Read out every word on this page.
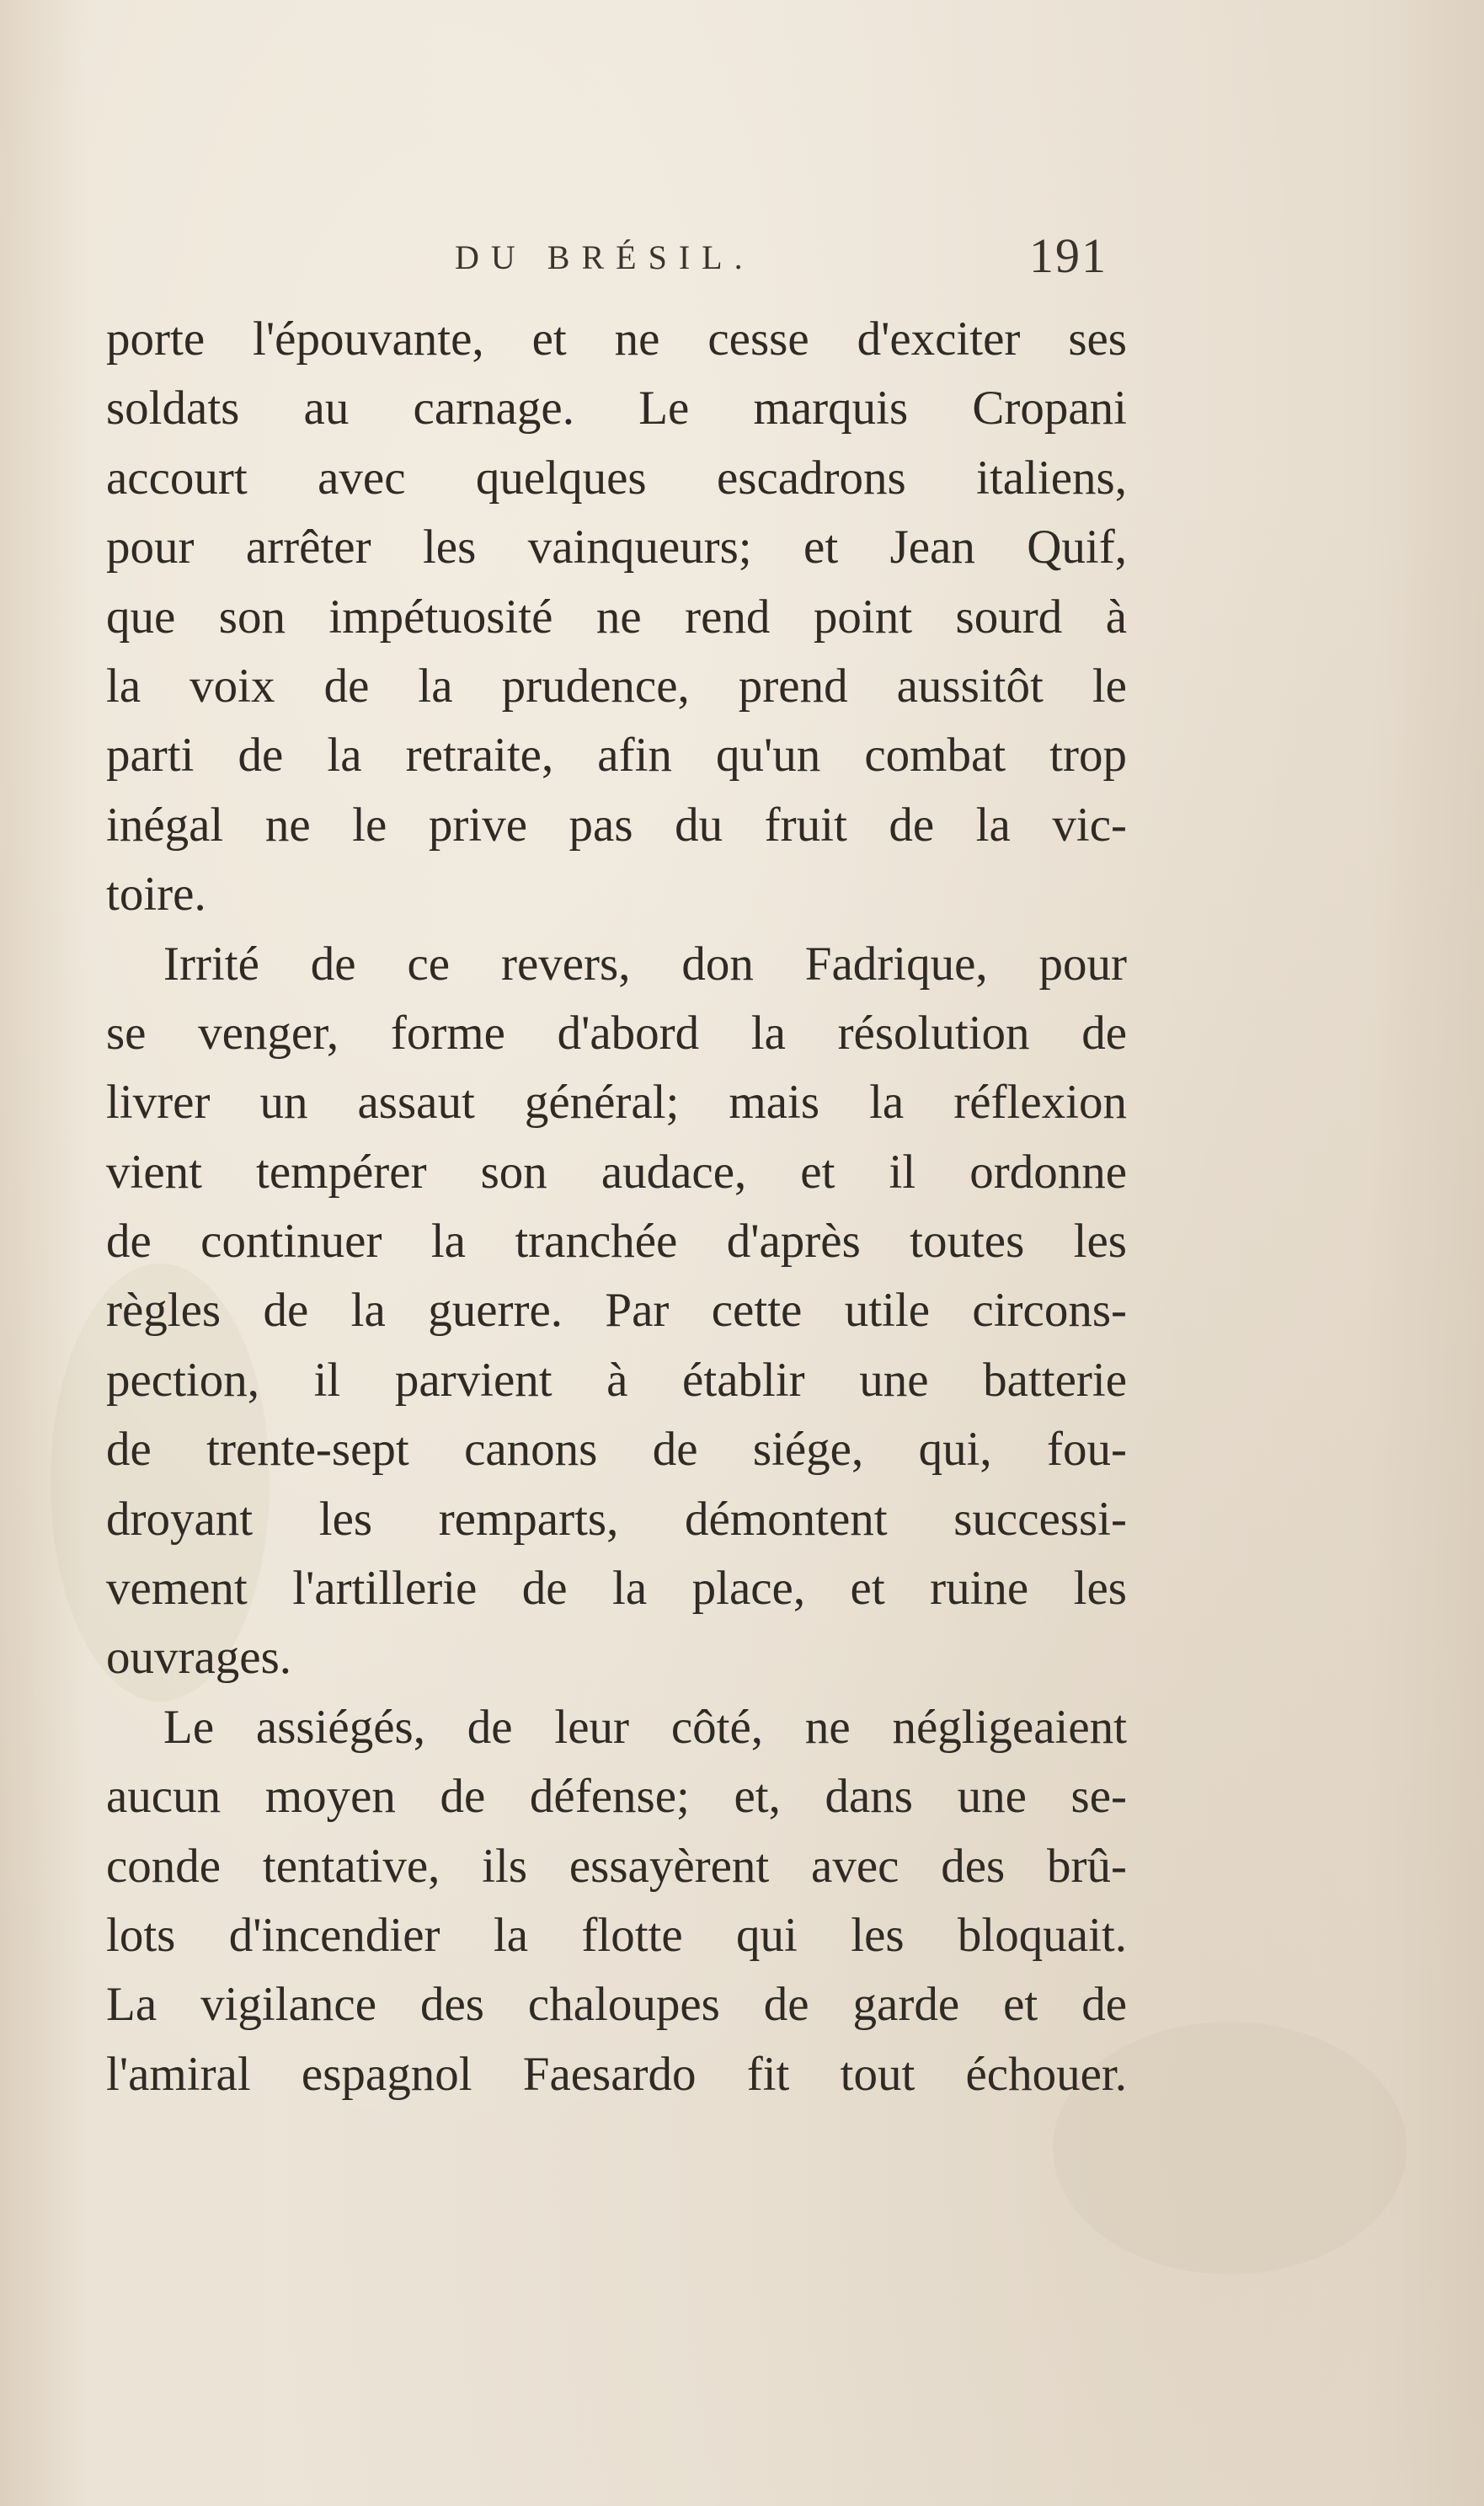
DU BRÉSIL.	191
porte l'épouvante, et ne cesse d'exciter ses
soldats au carnage. Le marquis Cropani
accourt avec quelques escadrons italiens,
pour arrêter les vainqueurs; et Jean Quif,
que son impétuosité ne rend point sourd à
la voix de la prudence, prend aussitôt le
parti de la retraite, afin qu'un combat trop
inégal ne le prive pas du fruit de la vic-
toire.
Irrité de ce revers, don Fadrique, pour
se venger, forme d'abord la résolution de
livrer un assaut général; mais la réflexion
vient tempérer son audace, et il ordonne
de continuer la tranchée d'après toutes les
règles de la guerre. Par cette utile circons-
pection, il parvient à établir une batterie
de trente-sept canons de siége, qui, fou-
droyant les remparts, démontent successi-
vement l'artillerie de la place, et ruine les
ouvrages.
Le assiégés, de leur côté, ne négligeaient
aucun moyen de défense; et, dans une se-
conde tentative, ils essayèrent avec des brû-
lots d'incendier la flotte qui les bloquait.
La vigilance des chaloupes de garde et de
l'amiral espagnol Faesardo fit tout échouer.
